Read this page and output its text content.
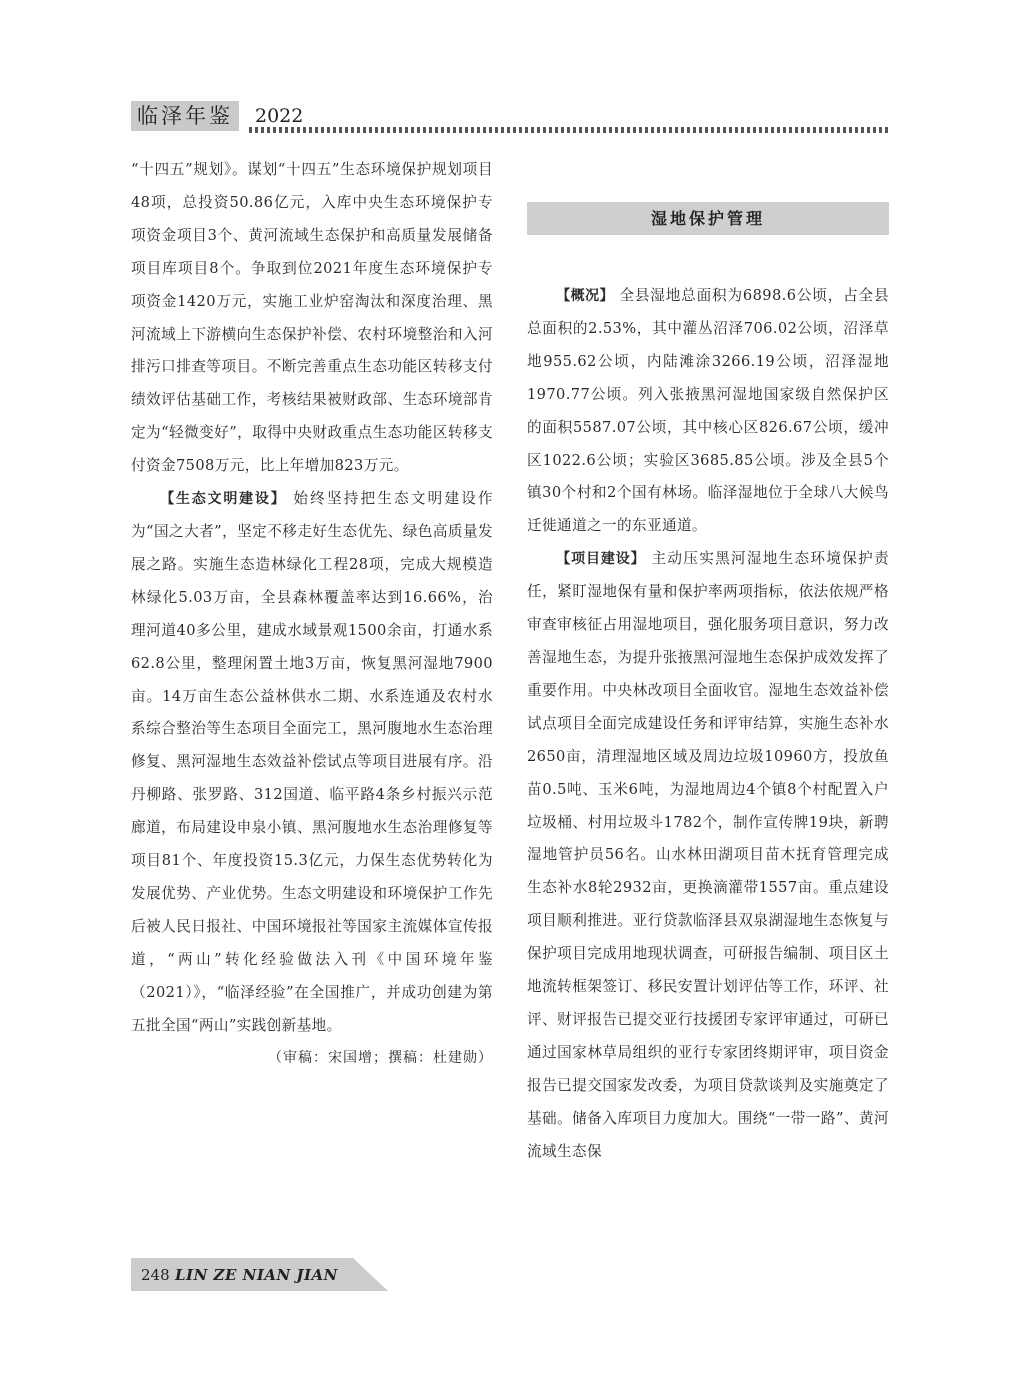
临泽年鉴	2022

“十四五”规划》。谋划“十四五”生态环境保护规划项目48项，总投资50.86亿元，入库中央生态环境保护专项资金项目3个、黄河流域生态保护和高质量发展储备项目库项目8个。争取到位2021年度生态环境保护专项资金1420万元，实施工业炉窑淘汰和深度治理、黑河流域上下游横向生态保护补偿、农村环境整治和入河排污口排查等项目。不断完善重点生态功能区转移支付绩效评估基础工作，考核结果被财政部、生态环境部肯定为“轻微变好”，取得中央财政重点生态功能区转移支付资金7508万元，比上年增加823万元。

【生态文明建设】 始终坚持把生态文明建设作为“国之大者”，坚定不移走好生态优先、绿色高质量发展之路。实施生态造林绿化工程28项，完成大规模造林绿化5.03万亩，全县森林覆盖率达到16.66%，治理河道40多公里，建成水域景观1500余亩，打通水系62.8公里，整理闲置土地3万亩，恢复黑河湿地7900亩。14万亩生态公益林供水二期、水系连通及农村水系综合整治等生态项目全面完工，黑河腹地水生态治理修复、黑河湿地生态效益补偿试点等项目进展有序。沿丹柳路、张罗路、312国道、临平路4条乡村振兴示范廊道，布局建设申泉小镇、黑河腹地水生态治理修复等项目81个、年度投资15.3亿元，力保生态优势转化为发展优势、产业优势。生态文明建设和环境保护工作先后被人民日报社、中国环境报社等国家主流媒体宣传报道，“两山”转化经验做法入刊《中国环境年鉴（2021）》，“临泽经验”在全国推广，并成功创建为第五批全国“两山”实践创新基地。

（审稿：宋国增；撰稿：杜建勋）

湿地保护管理

【概况】 全县湿地总面积为6898.6公顷，占全县总面积的2.53%，其中灌丛沼泽706.02公顷，沼泽草地955.62公顷，内陆滩涂3266.19公顷，沼泽湿地1970.77公顷。列入张掖黑河湿地国家级自然保护区的面积5587.07公顷，其中核心区826.67公顷，缓冲区1022.6公顷；实验区3685.85公顷。涉及全县5个镇30个村和2个国有林场。临泽湿地位于全球八大候鸟迁徙通道之一的东亚通道。

【项目建设】 主动压实黑河湿地生态环境保护责任，紧盯湿地保有量和保护率两项指标，依法依规严格审查审核征占用湿地项目，强化服务项目意识，努力改善湿地生态，为提升张掖黑河湿地生态保护成效发挥了重要作用。中央林改项目全面收官。湿地生态效益补偿试点项目全面完成建设任务和评审结算，实施生态补水2650亩，清理湿地区域及周边垃圾10960方，投放鱼苗0.5吨、玉米6吨，为湿地周边4个镇8个村配置入户垃圾桶、村用垃圾斗1782个，制作宣传牌19块，新聘湿地管护员56名。山水林田湖项目苗木抚育管理完成生态补水8轮2932亩，更换滴灌带1557亩。重点建设项目顺利推进。亚行贷款临泽县双泉湖湿地生态恢复与保护项目完成用地现状调查，可研报告编制、项目区土地流转框架签订、移民安置计划评估等工作，环评、社评、财评报告已提交亚行技援团专家评审通过，可研已通过国家林草局组织的亚行专家团终期评审，项目资金报告已提交国家发改委，为项目贷款谈判及实施奠定了基础。储备入库项目力度加大。围绕“一带一路”、黄河流域生态保

248 LIN ZE NIAN JIAN
